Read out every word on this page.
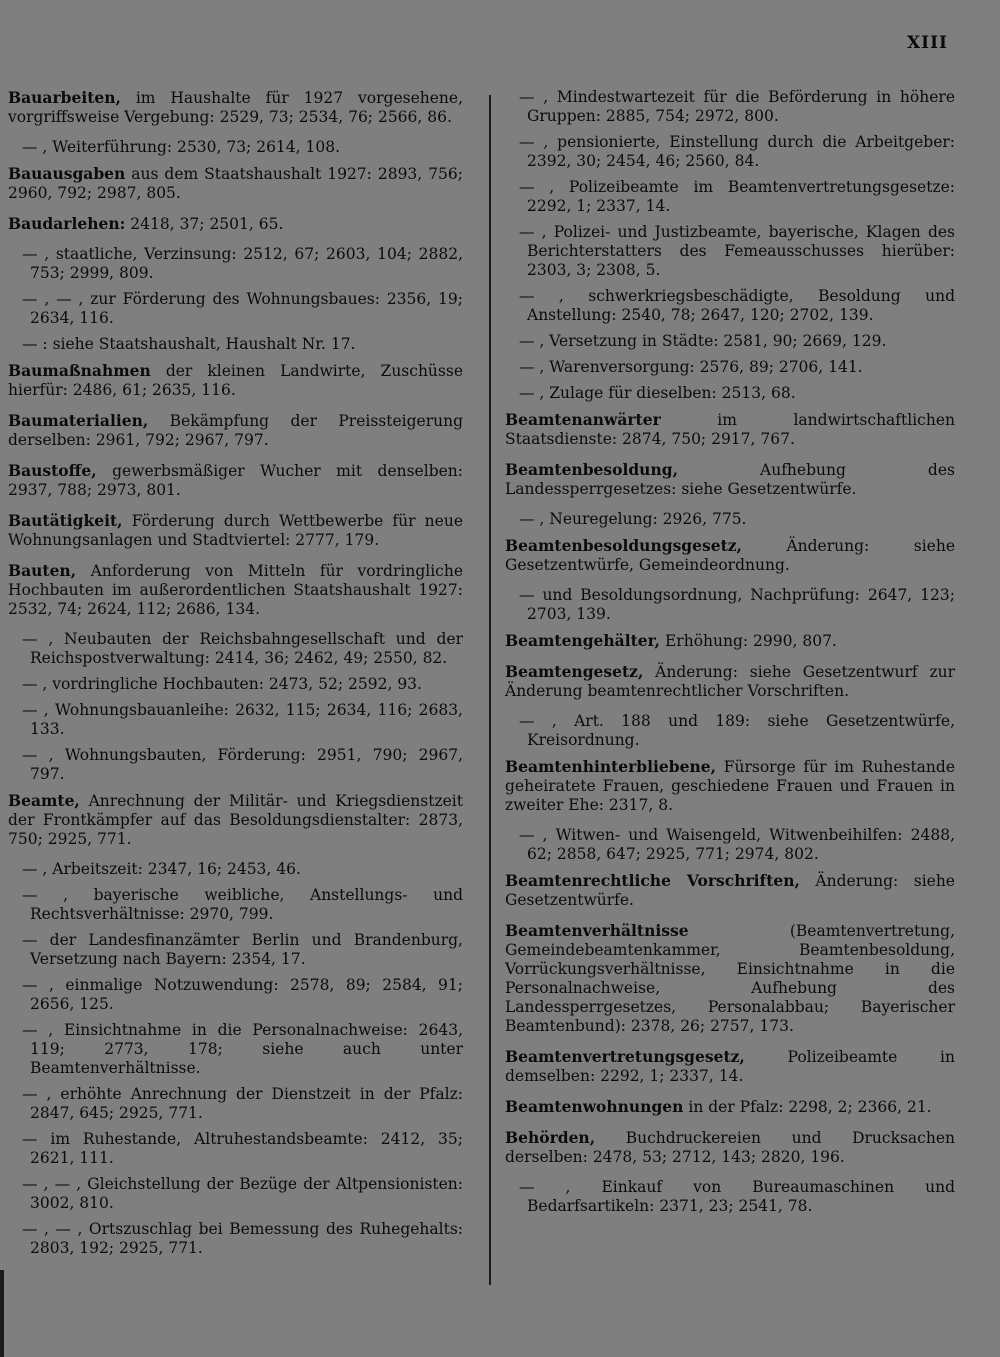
XIII
Bauarbeiten, im Haushalte für 1927 vorgesehene, vorgriffsweise Vergebung: 2529, 73; 2534, 76; 2566, 86.
— , Weiterführung: 2530, 73; 2614, 108.
Bauausgaben aus dem Staatshaushalt 1927: 2893, 756; 2960, 792; 2987, 805.
Baudarlehen: 2418, 37; 2501, 65.
— , staatliche, Verzinsung: 2512, 67; 2603, 104; 2882, 753; 2999, 809.
— , — , zur Förderung des Wohnungsbaues: 2356, 19; 2634, 116.
— : siehe Staatshaushalt, Haushalt Nr. 17.
Baumaßnahmen der kleinen Landwirte, Zuschüsse hierfür: 2486, 61; 2635, 116.
Baumaterialien, Bekämpfung der Preissteigerung derselben: 2961, 792; 2967, 797.
Baustoffe, gewerbsmäßiger Wucher mit denselben: 2937, 788; 2973, 801.
Bautätigkeit, Förderung durch Wettbewerbe für neue Wohnungsanlagen und Stadtviertel: 2777, 179.
Bauten, Anforderung von Mitteln für vordringliche Hochbauten im außerordentlichen Staatshaushalt 1927: 2532, 74; 2624, 112; 2686, 134.
— , Neubauten der Reichsbahngesellschaft und der Reichspostverwaltung: 2414, 36; 2462, 49; 2550, 82.
— , vordringliche Hochbauten: 2473, 52; 2592, 93.
— , Wohnungsbauanleihe: 2632, 115; 2634, 116; 2683, 133.
— , Wohnungsbauten, Förderung: 2951, 790; 2967, 797.
Beamte, Anrechnung der Militär- und Kriegsdienstzeit der Frontkämpfer auf das Besoldungsdienstalter: 2873, 750; 2925, 771.
— , Arbeitszeit: 2347, 16; 2453, 46.
— , bayerische weibliche, Anstellungs- und Rechtsverhältnisse: 2970, 799.
— der Landesfinanzämter Berlin und Brandenburg, Versetzung nach Bayern: 2354, 17.
— , einmalige Notzuwendung: 2578, 89; 2584, 91; 2656, 125.
— , Einsichtnahme in die Personalnachweise: 2643, 119; 2773, 178; siehe auch unter Beamtenverhältnisse.
— , erhöhte Anrechnung der Dienstzeit in der Pfalz: 2847, 645; 2925, 771.
— im Ruhestande, Altruhestandsbeamte: 2412, 35; 2621, 111.
— , — , Gleichstellung der Bezüge der Altpensionisten: 3002, 810.
— , — , Ortszuschlag bei Bemessung des Ruhegehalts: 2803, 192; 2925, 771.
— , Mindestwartezeit für die Beförderung in höhere Gruppen: 2885, 754; 2972, 800.
— , pensionierte, Einstellung durch die Arbeitgeber: 2392, 30; 2454, 46; 2560, 84.
— , Polizeibeamte im Beamtenvertretungsgesetze: 2292, 1; 2337, 14.
— , Polizei- und Justizbeamte, bayerische, Klagen des Berichterstatters des Femeausschusses hierüber: 2303, 3; 2308, 5.
— , schwerkriegsbeschädigte, Besoldung und Anstellung: 2540, 78; 2647, 120; 2702, 139.
— , Versetzung in Städte: 2581, 90; 2669, 129.
— , Warenversorgung: 2576, 89; 2706, 141.
— , Zulage für dieselben: 2513, 68.
Beamtenanwärter im landwirtschaftlichen Staatsdienste: 2874, 750; 2917, 767.
Beamtenbesoldung, Aufhebung des Landessperrgesetzes: siehe Gesetzentwürfe.
— , Neuregelung: 2926, 775.
Beamtenbesoldungsgesetz, Änderung: siehe Gesetzentwürfe, Gemeindeordnung.
— und Besoldungsordnung, Nachprüfung: 2647, 123; 2703, 139.
Beamtengehälter, Erhöhung: 2990, 807.
Beamtengesetz, Änderung: siehe Gesetzentwurf zur Änderung beamtenrechtlicher Vorschriften.
— , Art. 188 und 189: siehe Gesetzentwürfe, Kreisordnung.
Beamtenhinterbliebene, Fürsorge für im Ruhestande geheiratete Frauen, geschiedene Frauen und Frauen in zweiter Ehe: 2317, 8.
— , Witwen- und Waisengeld, Witwenbeihilfen: 2488, 62; 2858, 647; 2925, 771; 2974, 802.
Beamtenrechtliche Vorschriften, Änderung: siehe Gesetzentwürfe.
Beamtenverhältnisse (Beamtenvertretung, Gemeindebeamtenkammer, Beamtenbesoldung, Vorrückungsverhältnisse, Einsichtnahme in die Personalnachweise, Aufhebung des Landessperrgesetzes, Personalabbau; Bayerischer Beamtenbund): 2378, 26; 2757, 173.
Beamtenvertretungsgesetz, Polizeibeamte in demselben: 2292, 1; 2337, 14.
Beamtenwohnungen in der Pfalz: 2298, 2; 2366, 21.
Behörden, Buchdruckereien und Drucksachen derselben: 2478, 53; 2712, 143; 2820, 196.
— , Einkauf von Bureaumaschinen und Bedarfsartikeln: 2371, 23; 2541, 78.
